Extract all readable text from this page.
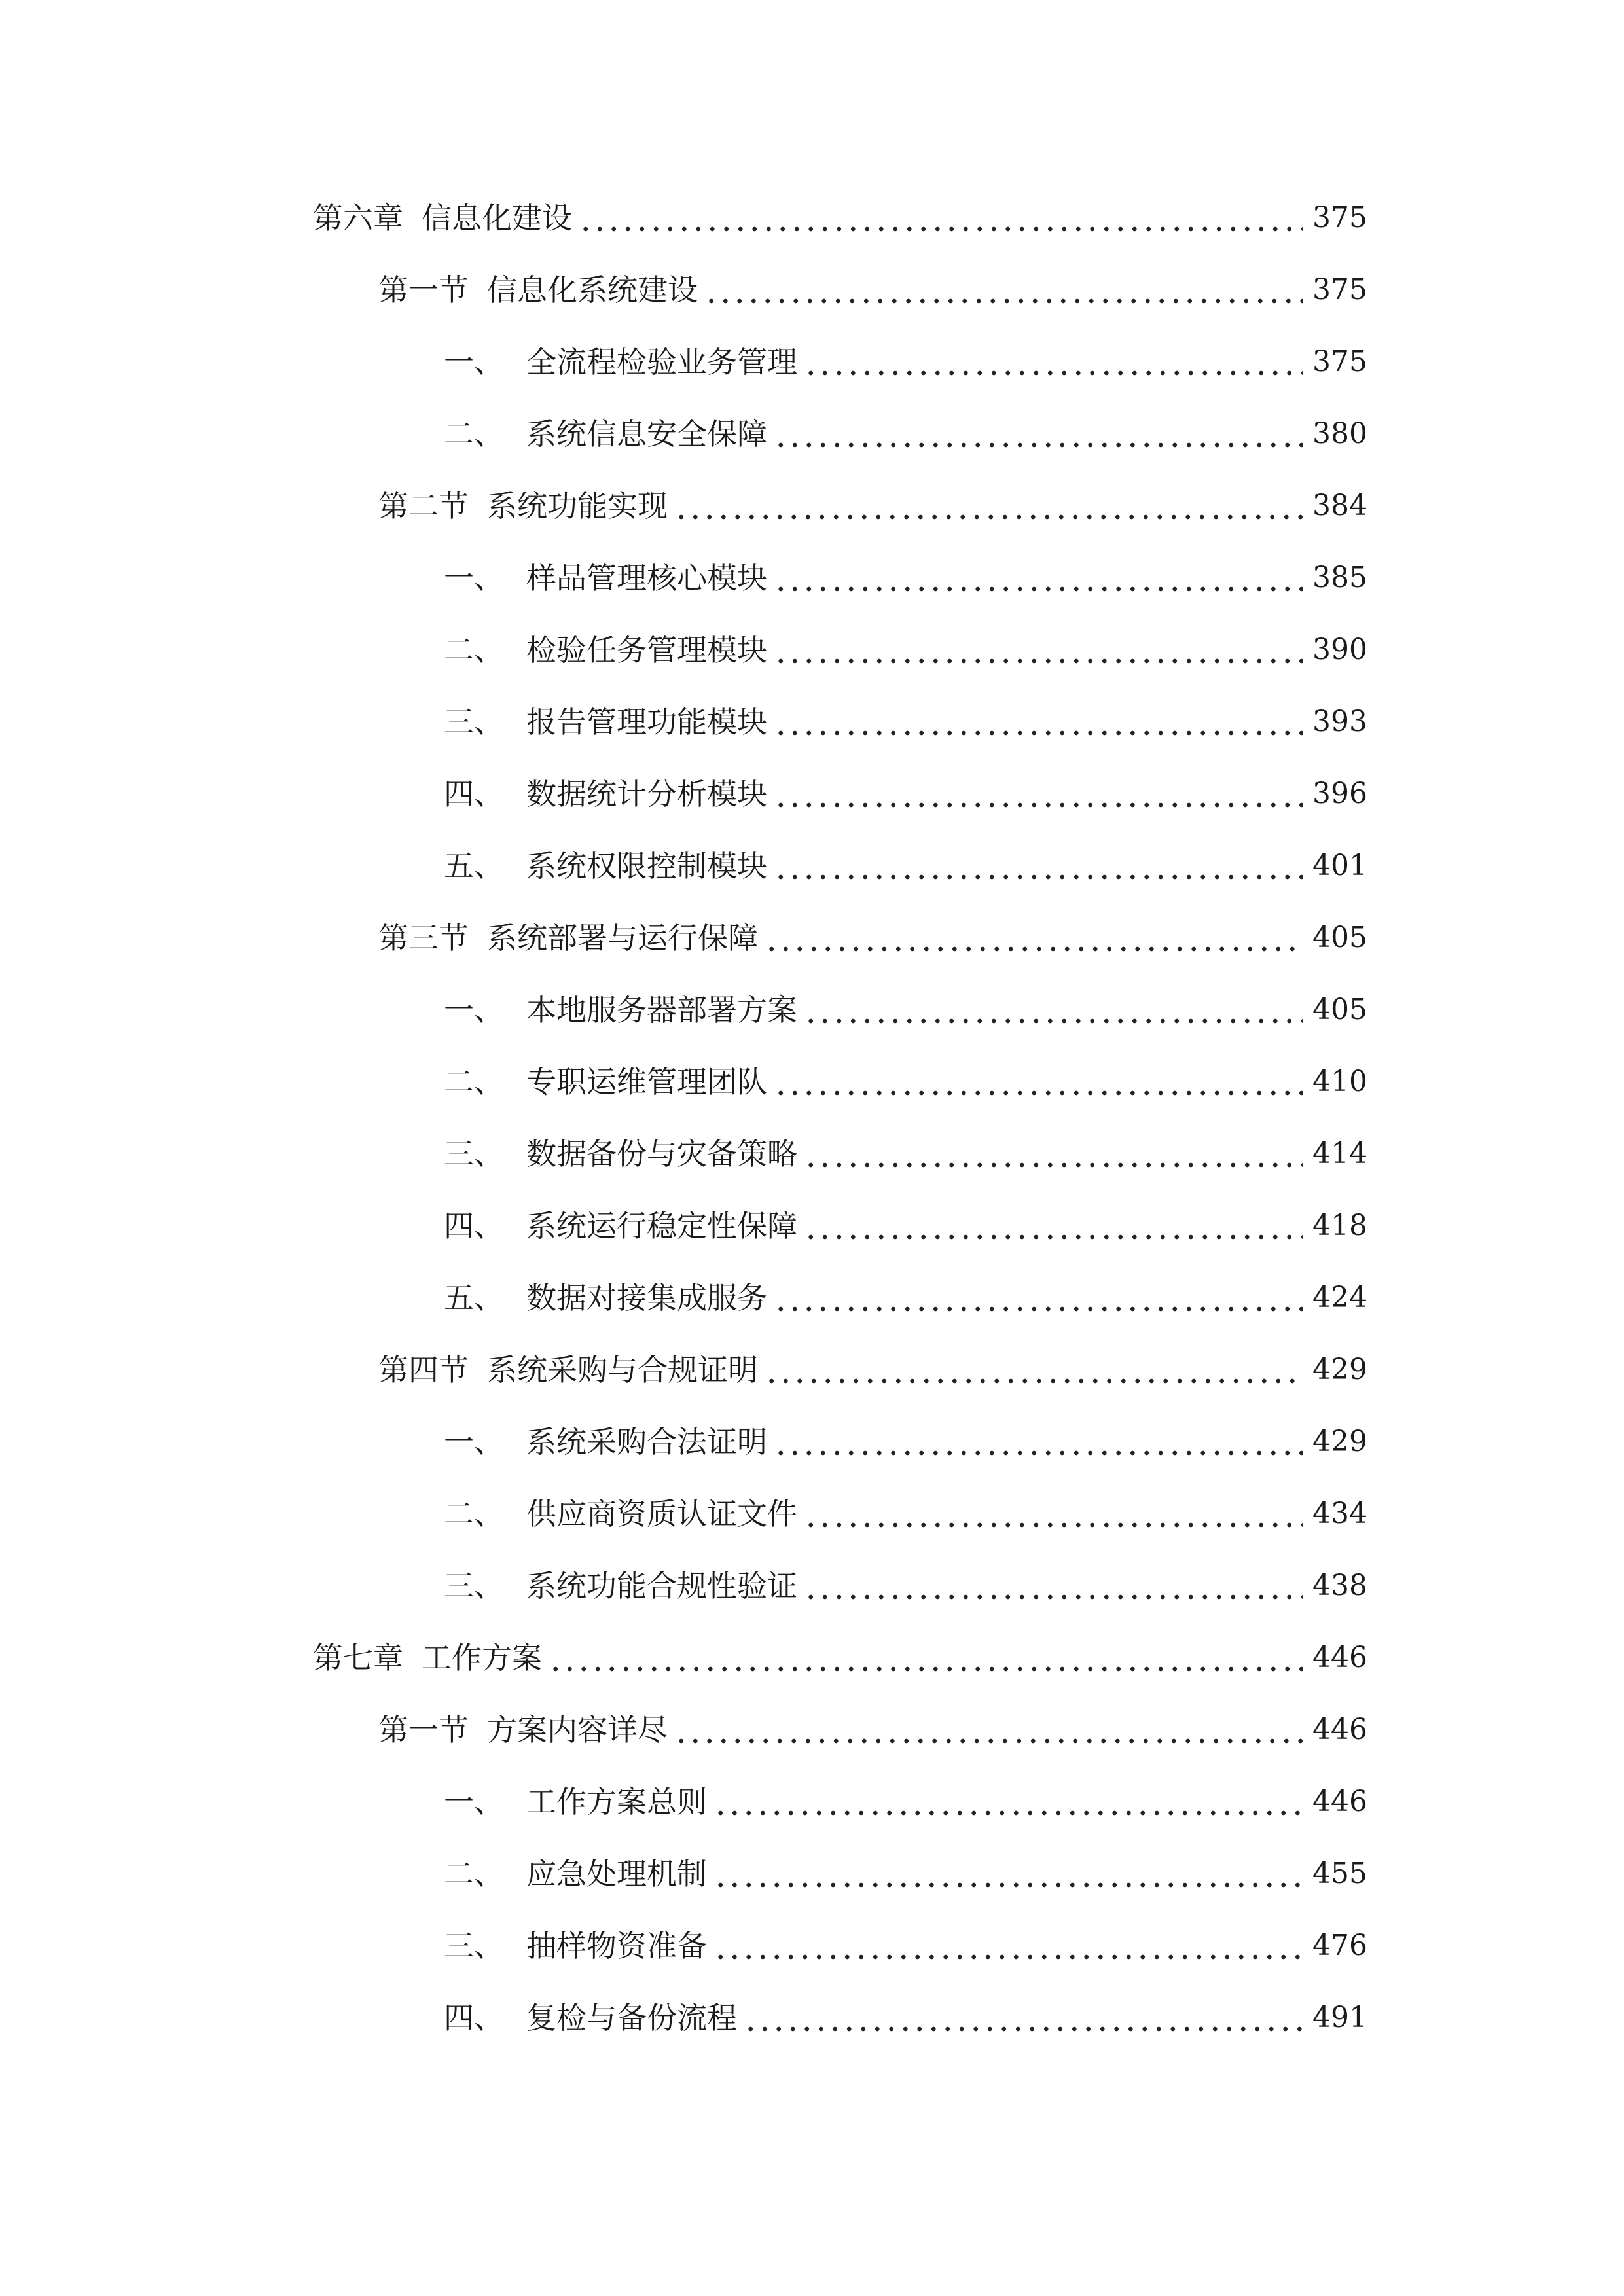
第六章 信息化建设	375
第一节 信息化系统建设	375
一、 全流程检验业务管理	375
二、 系统信息安全保障	380
第二节 系统功能实现	384
一、 样品管理核心模块	385
二、 检验任务管理模块	390
三、 报告管理功能模块	393
四、 数据统计分析模块	396
五、 系统权限控制模块	401
第三节 系统部署与运行保障	405
一、 本地服务器部署方案	405
二、 专职运维管理团队	410
三、 数据备份与灾备策略	414
四、 系统运行稳定性保障	418
五、 数据对接集成服务	424
第四节 系统采购与合规证明	429
一、 系统采购合法证明	429
二、 供应商资质认证文件	434
三、 系统功能合规性验证	438
第七章 工作方案	446
第一节 方案内容详尽	446
一、 工作方案总则	446
二、 应急处理机制	455
三、 抽样物资准备	476
四、 复检与备份流程	491
